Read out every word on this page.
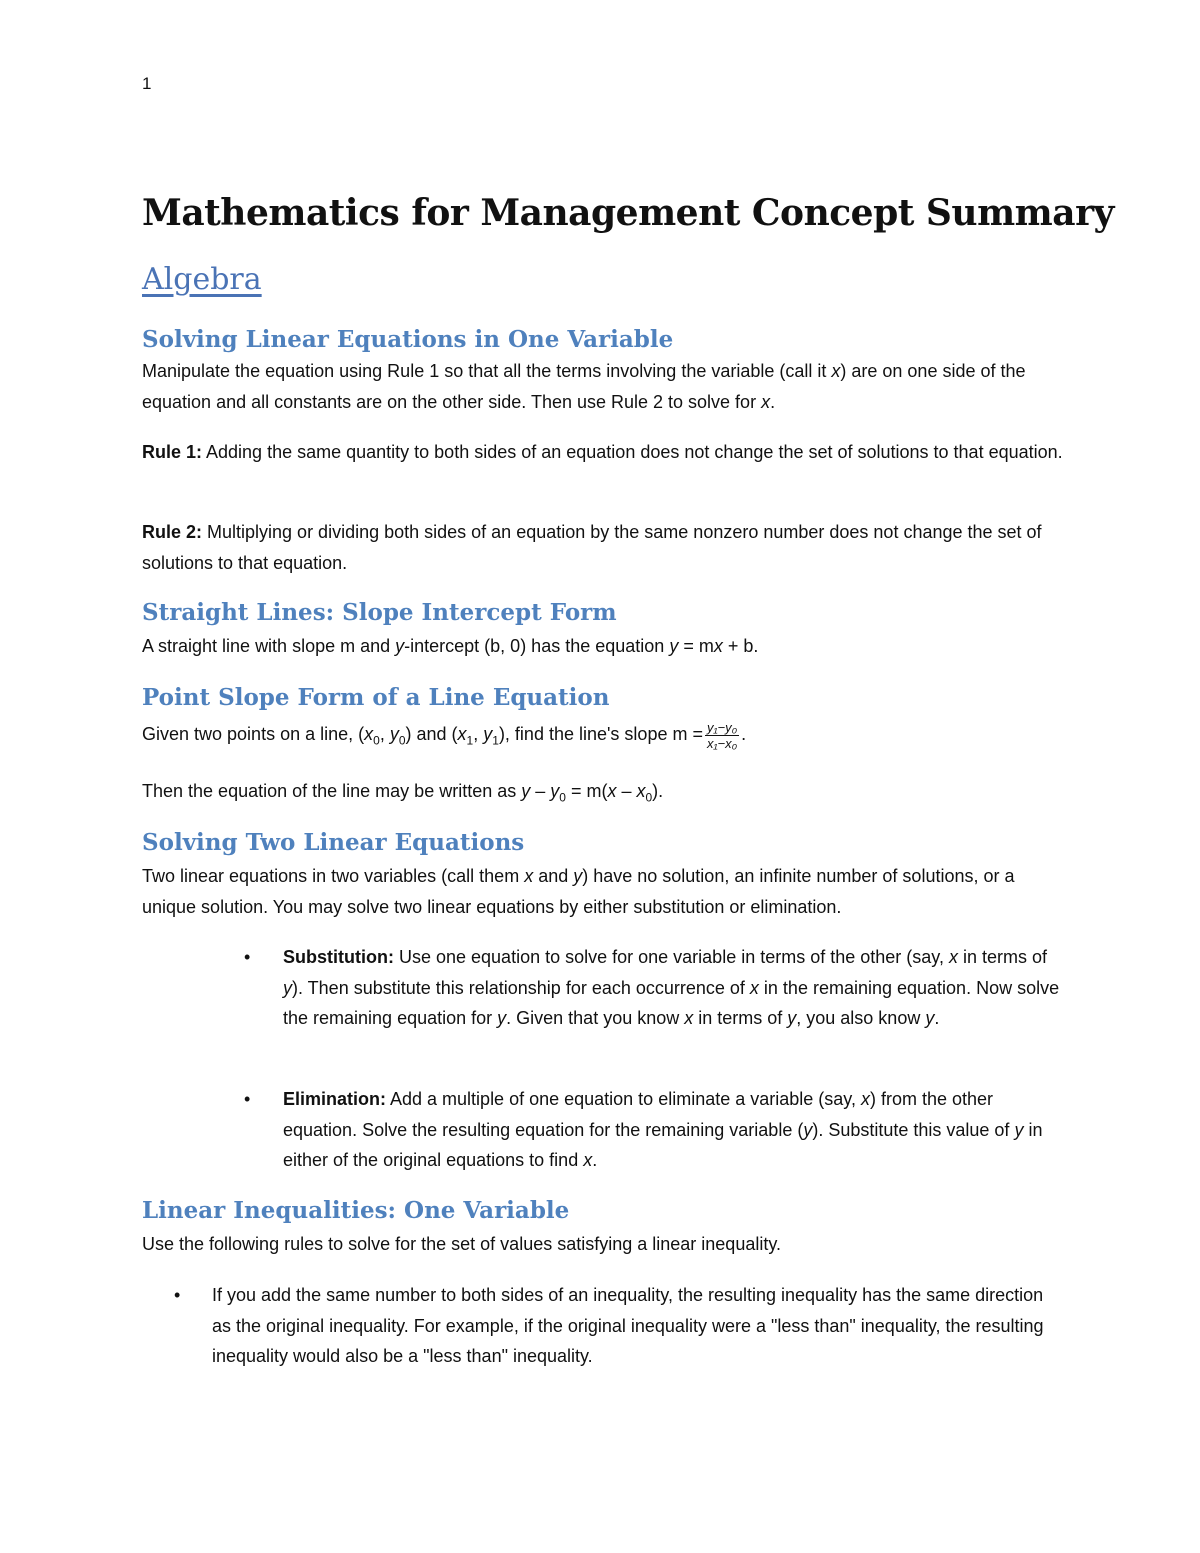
1
Mathematics for Management Concept Summary
Algebra
Solving Linear Equations in One Variable

Manipulate the equation using Rule 1 so that all the terms involving the variable (call it x) are on one side of the equation and all constants are on the other side. Then use Rule 2 to solve for x.

Rule 1: Adding the same quantity to both sides of an equation does not change the set of solutions to that equation.

Rule 2: Multiplying or dividing both sides of an equation by the same nonzero number does not change the set of solutions to that equation.

Straight Lines: Slope Intercept Form

A straight line with slope m and y-intercept (b, 0) has the equation y = mx + b.

Point Slope Form of a Line Equation

Given two points on a line, ($x_0$, $y_0$) and ($x_1$, $y_1$), find the line's slope $m = \frac{\text{y₁−y₀}}{\text{x₁−x₀}}$ .

Then the equation of the line may be written as $y - y_0 = m(x - x_0)$.

Solving Two Linear Equations

Two linear equations in two variables (call them x and y) have no solution, an infinite number of solutions, or a unique solution. You may solve two linear equations by either substitution or elimination.

• Substitution: Use one equation to solve for one variable in terms of the other (say, x in terms of y). Then substitute this relationship for each occurrence of x in the remaining equation. Now solve the remaining equation for y. Given that you know x in terms of y, you also know y.

• Elimination: Add a multiple of one equation to eliminate a variable (say, x) from the other equation. Solve the resulting equation for the remaining variable (y). Substitute this value of y in either of the original equations to find x.

Linear Inequalities: One Variable

Use the following rules to solve for the set of values satisfying a linear inequality.

• If you add the same number to both sides of an inequality, the resulting inequality has the same direction as the original inequality. For example, if the original inequality were a "less than" inequality, the resulting inequality would also be a "less than" inequality.
